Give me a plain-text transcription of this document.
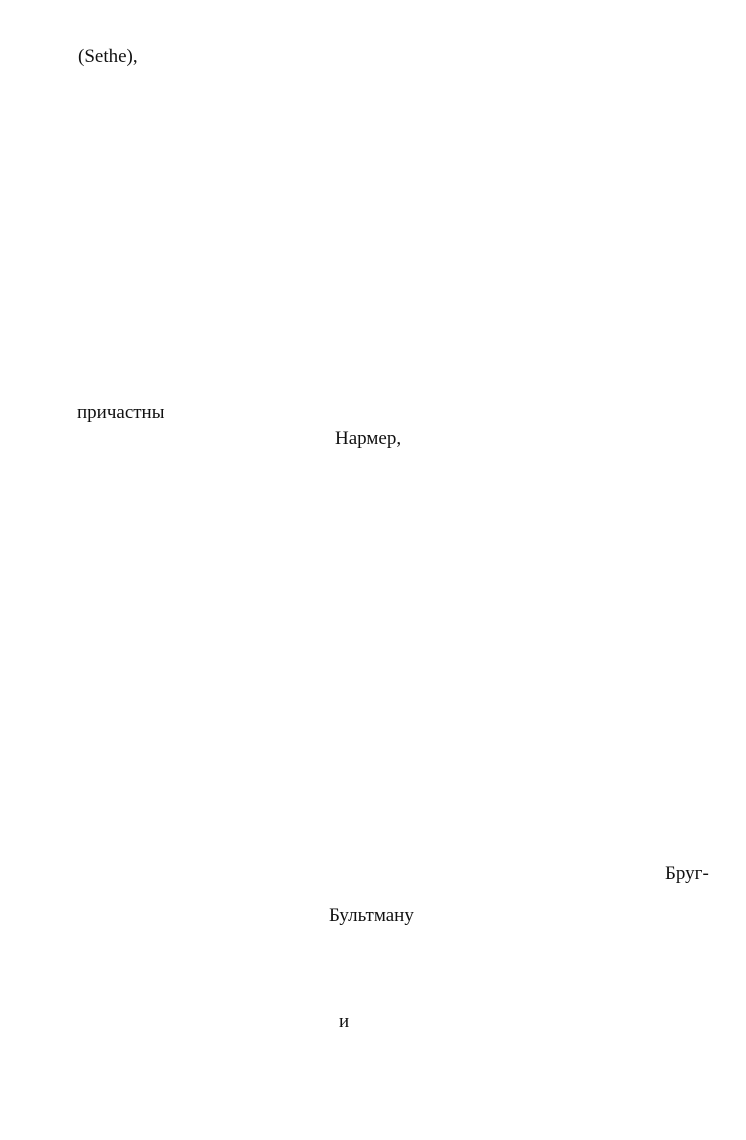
(Sethe),
причастны
Нармер,
Бруг-
Бультману
и
